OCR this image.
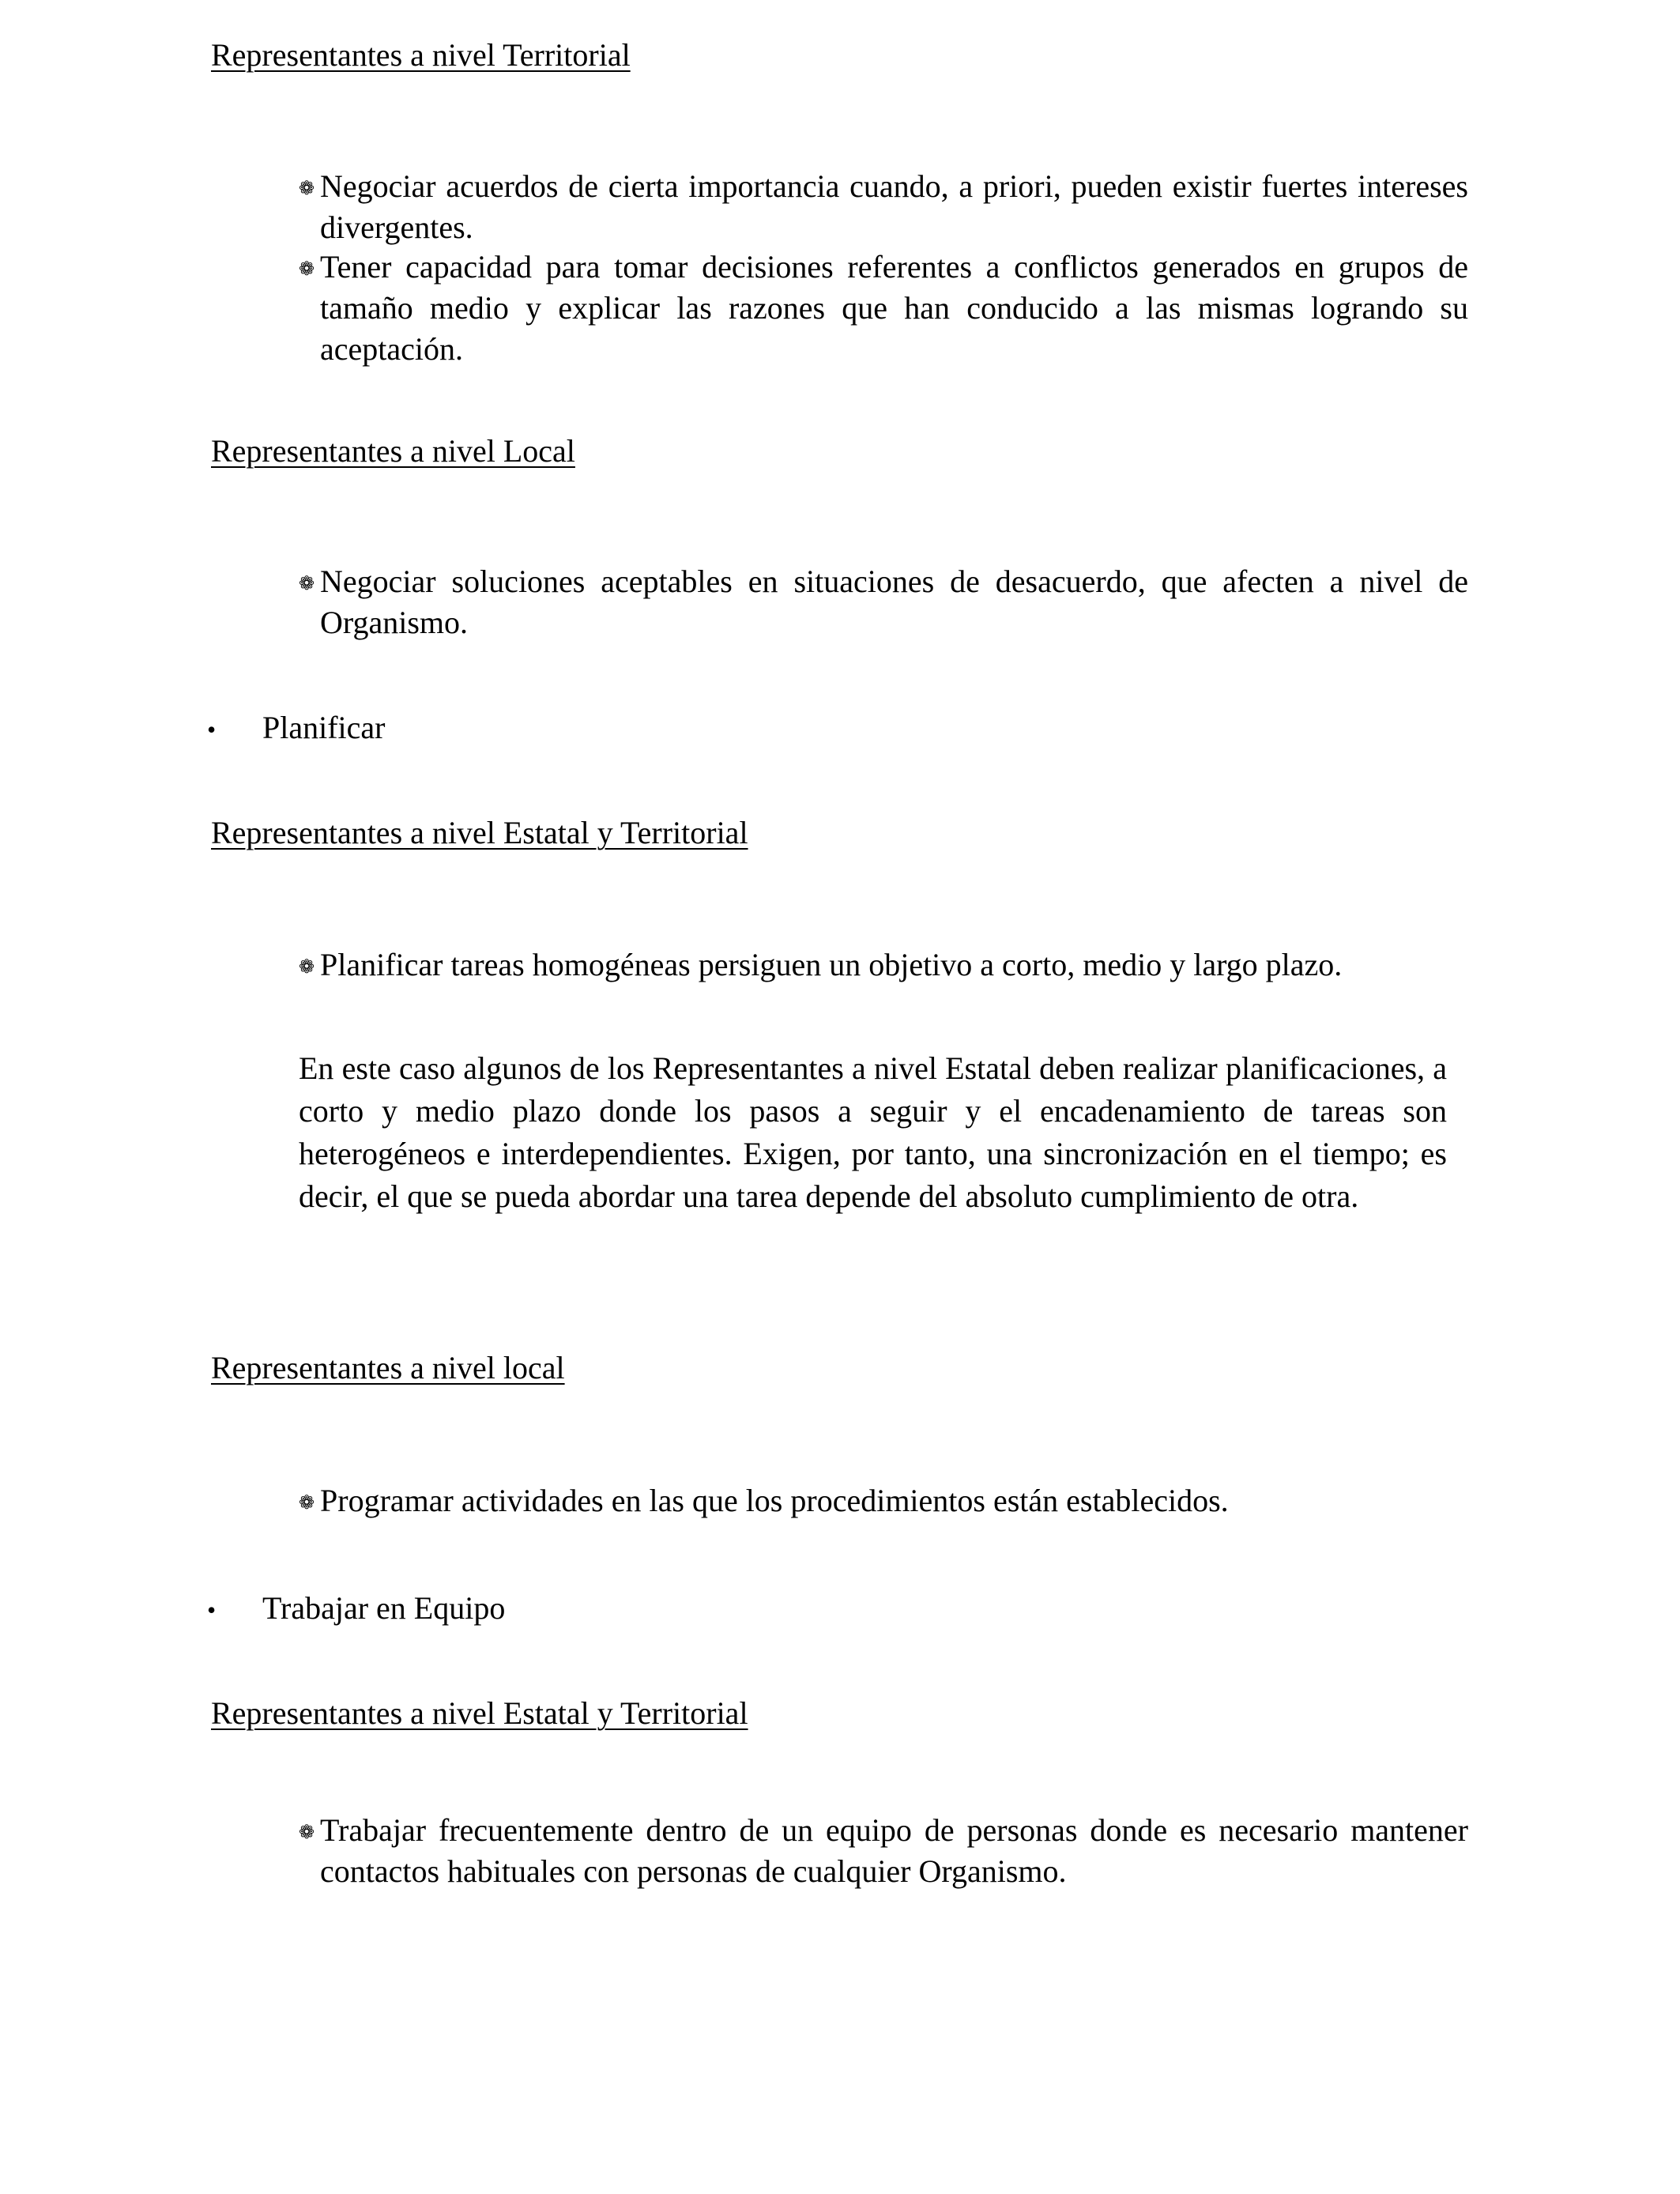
Representantes a nivel Territorial
❁ Negociar acuerdos de cierta importancia cuando, a priori, pueden existir fuertes intereses divergentes.
❁ Tener capacidad para tomar decisiones referentes a conflictos generados en grupos de tamaño medio y explicar las razones que han conducido a las mismas logrando su aceptación.
Representantes a nivel Local
❁ Negociar soluciones aceptables en situaciones de desacuerdo, que afecten a nivel de Organismo.
• Planificar
Representantes a nivel Estatal y Territorial
❁ Planificar tareas homogéneas persiguen un objetivo a corto, medio y largo plazo.
En este caso algunos de los Representantes a nivel Estatal deben realizar planificaciones, a corto y medio plazo donde los pasos a seguir y el encadenamiento de tareas son heterogéneos e interdependientes. Exigen, por tanto, una sincronización en el tiempo; es decir, el que se pueda abordar una tarea depende del absoluto cumplimiento de otra.
Representantes a nivel local
❁ Programar actividades en las que los procedimientos están establecidos.
• Trabajar en Equipo
Representantes a nivel Estatal y Territorial
❁ Trabajar frecuentemente dentro de un equipo de personas donde es necesario mantener contactos habituales con personas de cualquier Organismo.
